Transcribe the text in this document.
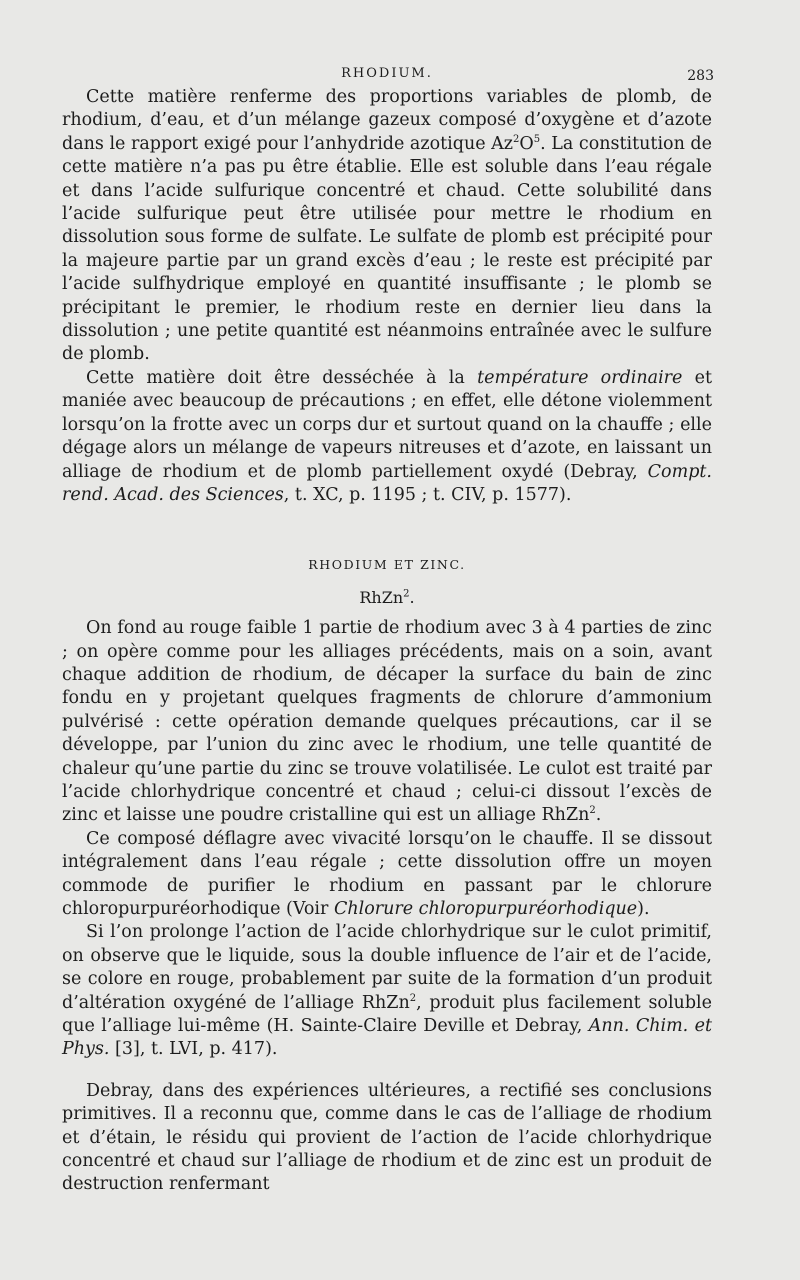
RHODIUM.	283

Cette matière renferme des proportions variables de plomb, de rhodium, d’eau, et d’un mélange gazeux composé d’oxygène et d’azote dans le rapport exigé pour l’anhydride azotique $Az^2O^5$. La constitution de cette matière n’a pas pu être établie. Elle est soluble dans l’eau régale et dans l’acide sulfurique concentré et chaud. Cette solubilité dans l’acide sulfurique peut être utilisée pour mettre le rhodium en dissolution sous forme de sulfate. Le sulfate de plomb est précipité pour la majeure partie par un grand excès d’eau ; le reste est précipité par l’acide sulfhydrique employé en quantité insuffisante ; le plomb se précipitant le premier, le rhodium reste en dernier lieu dans la dissolution ; une petite quantité est néanmoins entraînée avec le sulfure de plomb.

Cette matière doit être desséchée à la température ordinaire et maniée avec beaucoup de précautions ; en effet, elle détone violemment lorsqu’on la frotte avec un corps dur et surtout quand on la chauffe ; elle dégage alors un mélange de vapeurs nitreuses et d’azote, en laissant un alliage de rhodium et de plomb partiellement oxydé (Debray, Compt. rend. Acad. des Sciences, t. XC, p. 1195 ; t. CIV, p. 1577).

RHODIUM ET ZINC.
RhZn$^2$.

On fond au rouge faible 1 partie de rhodium avec 3 à 4 parties de zinc ; on opère comme pour les alliages précédents, mais on a soin, avant chaque addition de rhodium, de décaper la surface du bain de zinc fondu en y projetant quelques fragments de chlorure d’ammonium pulvérisé : cette opération demande quelques précautions, car il se développe, par l’union du zinc avec le rhodium, une telle quantité de chaleur qu’une partie du zinc se trouve volatilisée. Le culot est traité par l’acide chlorhydrique concentré et chaud ; celui-ci dissout l’excès de zinc et laisse une poudre cristalline qui est un alliage RhZn$^2$.

Ce composé déflagre avec vivacité lorsqu’on le chauffe. Il se dissout intégralement dans l’eau régale ; cette dissolution offre un moyen commode de purifier le rhodium en passant par le chlorure chloropurpuréorhodique (Voir Chlorure chloropurpuréorhodique).

Si l’on prolonge l’action de l’acide chlorhydrique sur le culot primitif, on observe que le liquide, sous la double influence de l’air et de l’acide, se colore en rouge, probablement par suite de la formation d’un produit d’altération oxygéné de l’alliage RhZn$^2$, produit plus facilement soluble que l’alliage lui-même (H. Sainte-Claire Deville et Debray, Ann. Chim. et Phys. [3], t. LVI, p. 417).

Debray, dans des expériences ultérieures, a rectifié ses conclusions primitives. Il a reconnu que, comme dans le cas de l’alliage de rhodium et d’étain, le résidu qui provient de l’action de l’acide chlorhydrique concentré et chaud sur l’alliage de rhodium et de zinc est un produit de destruction renfermant
